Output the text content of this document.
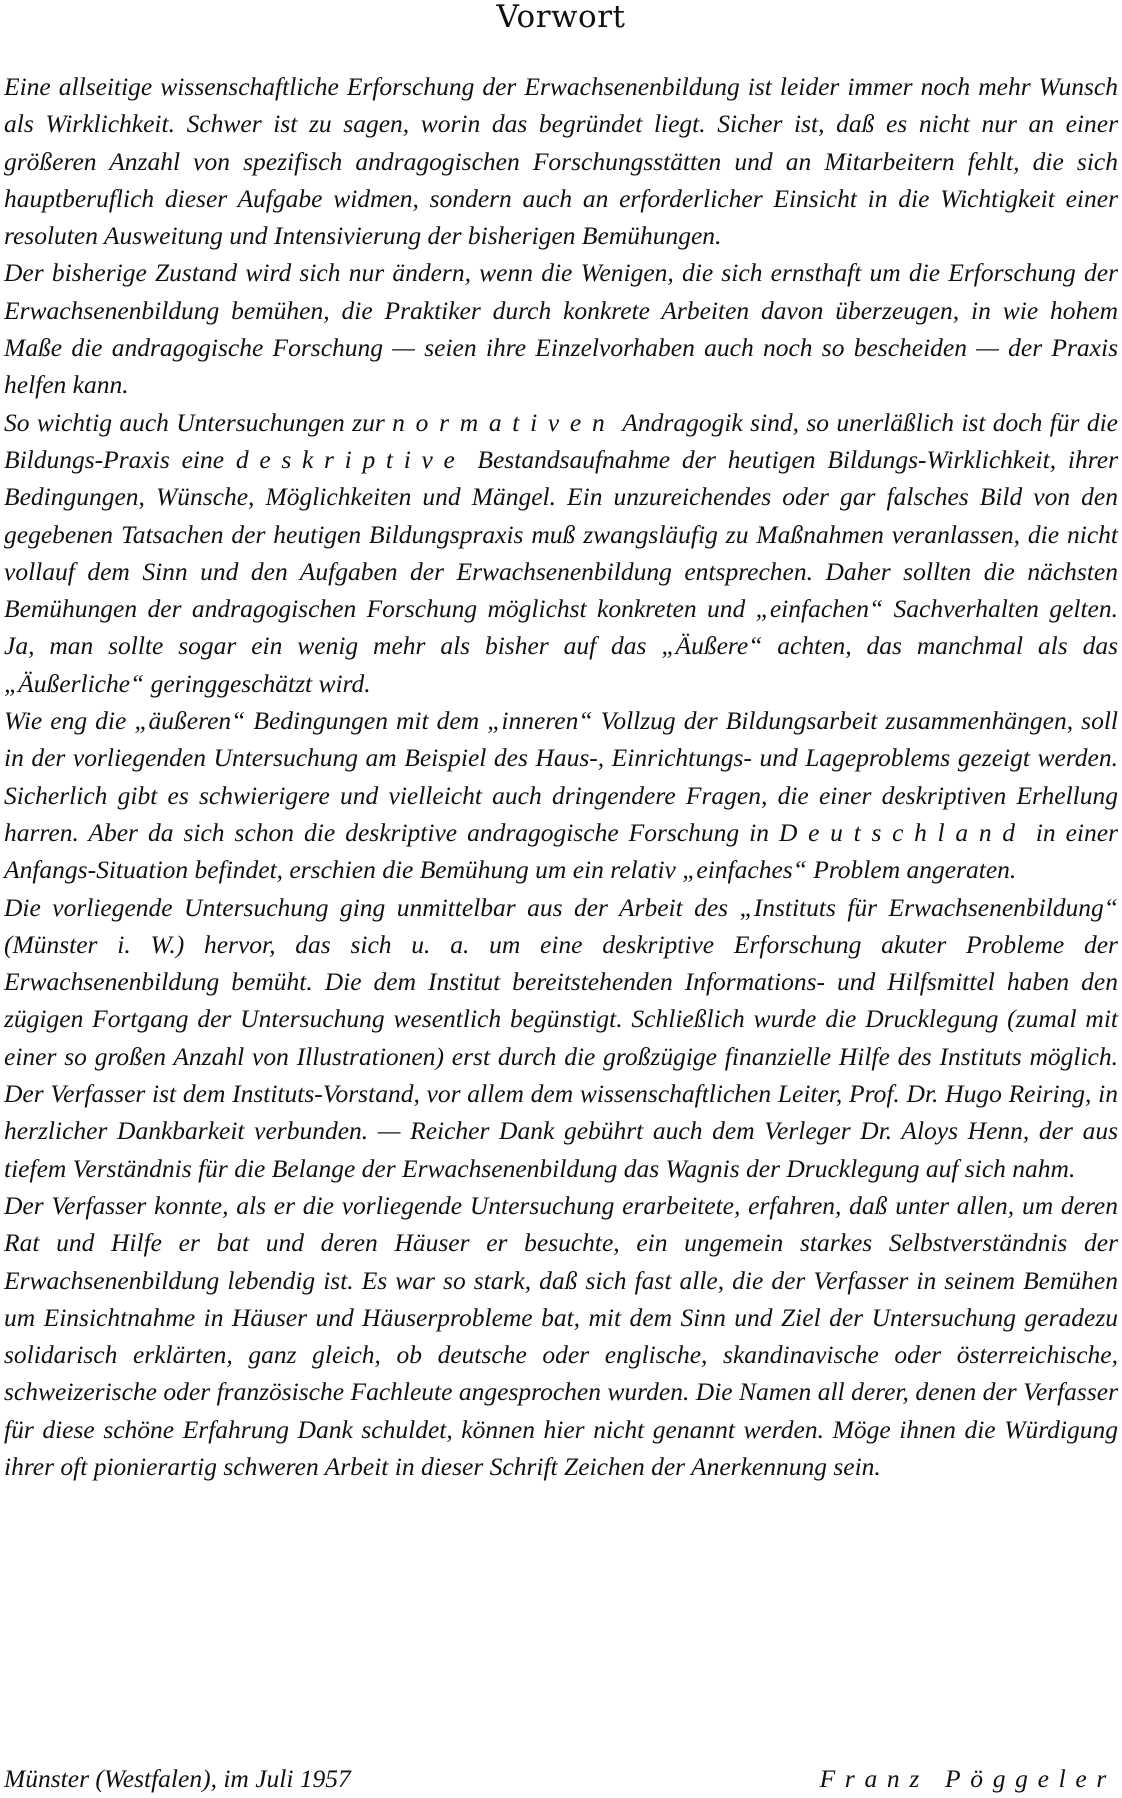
Vorwort

Eine allseitige wissenschaftliche Erforschung der Erwachsenenbildung ist leider immer noch mehr Wunsch als Wirklichkeit. Schwer ist zu sagen, worin das begründet liegt. Sicher ist, daß es nicht nur an einer größeren Anzahl von spezifisch andragogischen Forschungsstätten und an Mitarbeitern fehlt, die sich hauptberuflich dieser Aufgabe widmen, sondern auch an erforderlicher Einsicht in die Wichtigkeit einer resoluten Ausweitung und Intensivierung der bisherigen Bemühungen.

Der bisherige Zustand wird sich nur ändern, wenn die Wenigen, die sich ernsthaft um die Erforschung der Erwachsenenbildung bemühen, die Praktiker durch konkrete Arbeiten davon überzeugen, in wie hohem Maße die andragogische Forschung — seien ihre Einzelvorhaben auch noch so bescheiden — der Praxis helfen kann.

So wichtig auch Untersuchungen zur normativen Andragogik sind, so unerläßlich ist doch für die Bildungs-Praxis eine deskriptive Bestandsaufnahme der heutigen Bildungs-Wirklichkeit, ihrer Bedingungen, Wünsche, Möglichkeiten und Mängel. Ein unzureichendes oder gar falsches Bild von den gegebenen Tatsachen der heutigen Bildungspraxis muß zwangsläufig zu Maßnahmen veranlassen, die nicht vollauf dem Sinn und den Aufgaben der Erwachsenenbildung entsprechen. Daher sollten die nächsten Bemühungen der andragogischen Forschung möglichst konkreten und „einfachen“ Sachverhalten gelten. Ja, man sollte sogar ein wenig mehr als bisher auf das „Äußere“ achten, das manchmal als das „Äußerliche“ geringgeschätzt wird.

Wie eng die „äußeren“ Bedingungen mit dem „inneren“ Vollzug der Bildungsarbeit zusammenhängen, soll in der vorliegenden Untersuchung am Beispiel des Haus-, Einrichtungs- und Lageproblems gezeigt werden. Sicherlich gibt es schwierigere und vielleicht auch dringendere Fragen, die einer deskriptiven Erhellung harren. Aber da sich schon die deskriptive andragogische Forschung in Deutschland in einer Anfangs-Situation befindet, erschien die Bemühung um ein relativ „einfaches“ Problem angeraten.

Die vorliegende Untersuchung ging unmittelbar aus der Arbeit des „Instituts für Erwachsenenbildung“ (Münster i. W.) hervor, das sich u. a. um eine deskriptive Erforschung akuter Probleme der Erwachsenenbildung bemüht. Die dem Institut bereitstehenden Informations- und Hilfsmittel haben den zügigen Fortgang der Untersuchung wesentlich begünstigt. Schließlich wurde die Drucklegung (zumal mit einer so großen Anzahl von Illustrationen) erst durch die großzügige finanzielle Hilfe des Instituts möglich. Der Verfasser ist dem Instituts-Vorstand, vor allem dem wissenschaftlichen Leiter, Prof. Dr. Hugo Reiring, in herzlicher Dankbarkeit verbunden. — Reicher Dank gebührt auch dem Verleger Dr. Aloys Henn, der aus tiefem Verständnis für die Belange der Erwachsenenbildung das Wagnis der Drucklegung auf sich nahm.

Der Verfasser konnte, als er die vorliegende Untersuchung erarbeitete, erfahren, daß unter allen, um deren Rat und Hilfe er bat und deren Häuser er besuchte, ein ungemein starkes Selbstverständnis der Erwachsenenbildung lebendig ist. Es war so stark, daß sich fast alle, die der Verfasser in seinem Bemühen um Einsichtnahme in Häuser und Häuserprobleme bat, mit dem Sinn und Ziel der Untersuchung geradezu solidarisch erklärten, ganz gleich, ob deutsche oder englische, skandinavische oder österreichische, schweizerische oder französische Fachleute angesprochen wurden. Die Namen all derer, denen der Verfasser für diese schöne Erfahrung Dank schuldet, können hier nicht genannt werden. Möge ihnen die Würdigung ihrer oft pionierartig schweren Arbeit in dieser Schrift Zeichen der Anerkennung sein.

Münster (Westfalen), im Juli 1957	Franz Pöggeler
